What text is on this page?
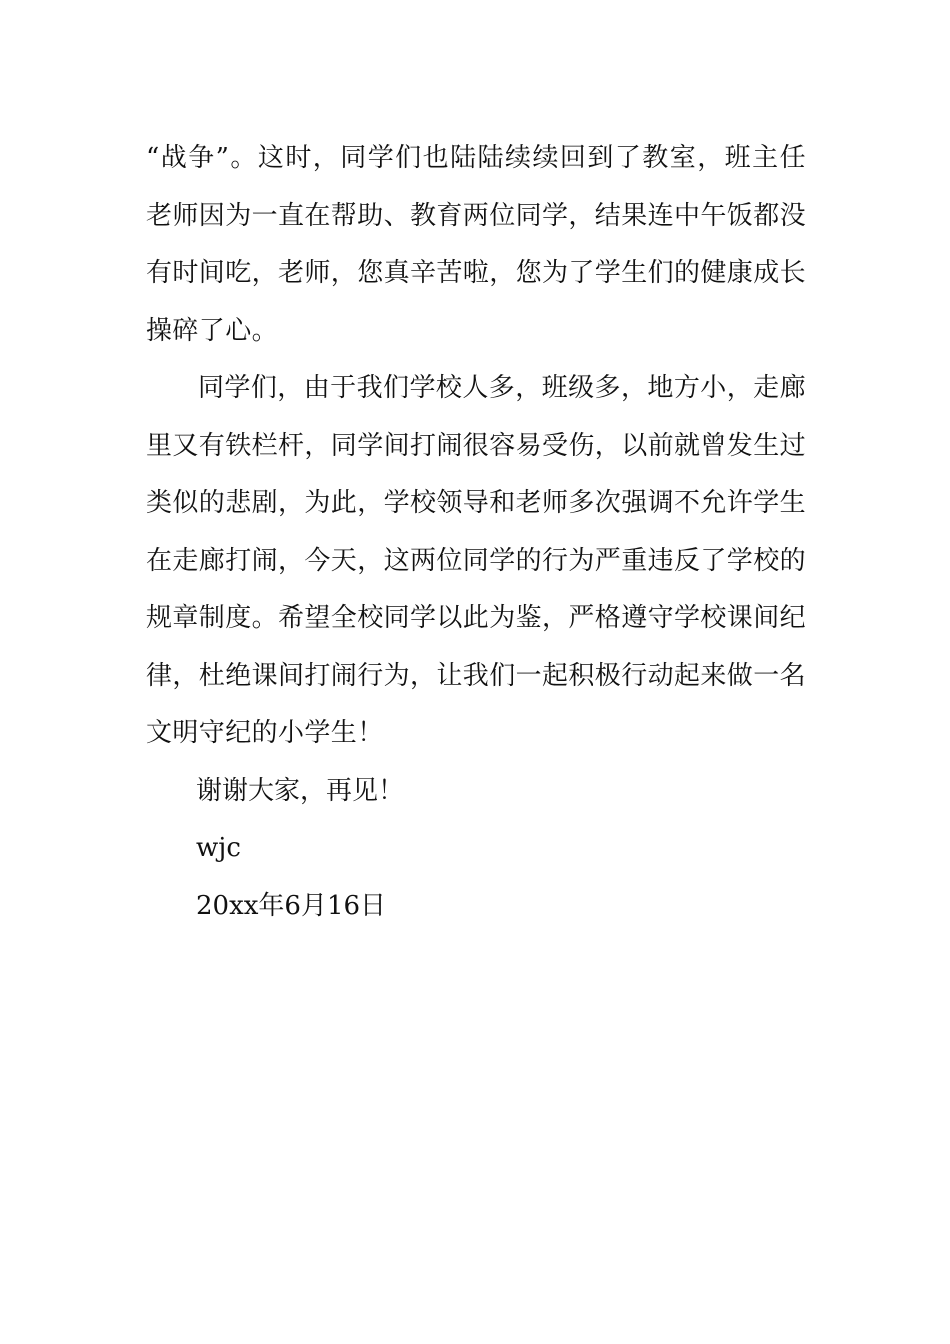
“战争”。这时，同学们也陆陆续续回到了教室，班主任老师因为一直在帮助、教育两位同学，结果连中午饭都没有时间吃，老师，您真辛苦啦，您为了学生们的健康成长操碎了心。

同学们，由于我们学校人多，班级多，地方小，走廊里又有铁栏杆，同学间打闹很容易受伤，以前就曾发生过类似的悲剧，为此，学校领导和老师多次强调不允许学生在走廊打闹，今天，这两位同学的行为严重违反了学校的规章制度。希望全校同学以此为鉴，严格遵守学校课间纪律，杜绝课间打闹行为，让我们一起积极行动起来做一名文明守纪的小学生！

谢谢大家，再见！

wjc

20xx年6月16日
